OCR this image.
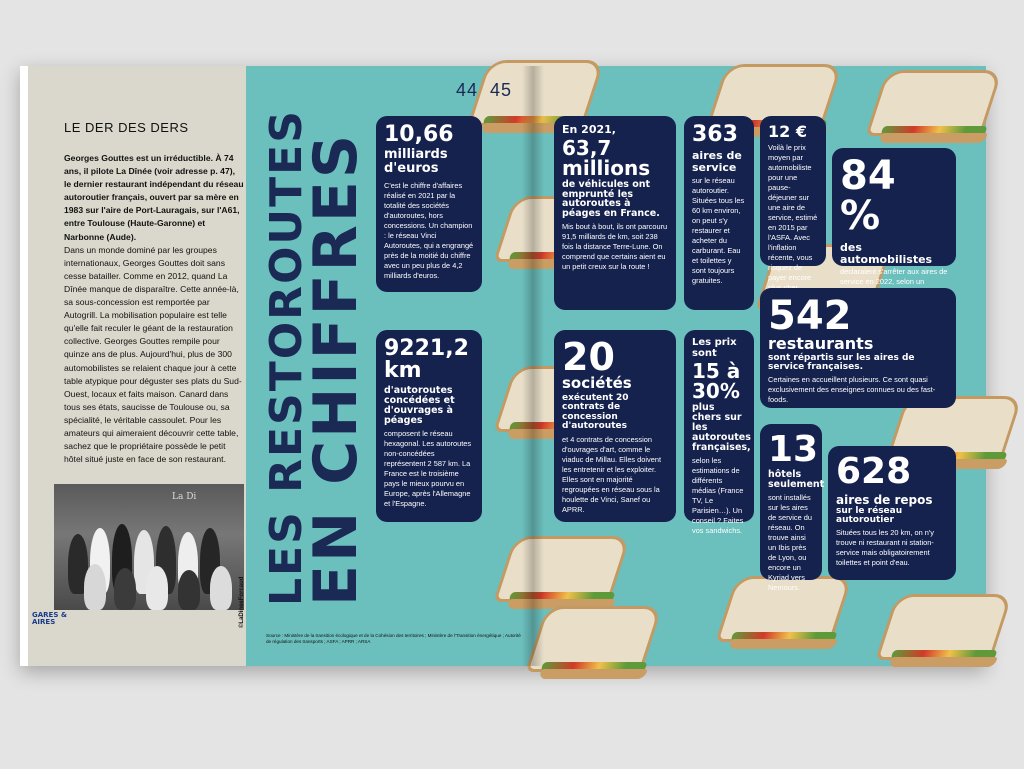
LE DER DES DERS

Georges Gouttes est un irréductible. À 74 ans, il pilote La Dînée (voir adresse p. 47), le dernier restaurant indépendant du réseau autoroutier français, ouvert par sa mère en 1983 sur l'aire de Port-Lauragais, sur l'A61, entre Toulouse (Haute-Garonne) et Narbonne (Aude).
Dans un monde dominé par les groupes internationaux, Georges Gouttes doit sans cesse batailler. Comme en 2012, quand La Dînée manque de disparaître. Cette année-là, sa sous-concession est remportée par Autogrill. La mobilisation populaire est telle qu'elle fait reculer le géant de la restauration collective. Georges Gouttes rempile pour quinze ans de plus. Aujourd'hui, plus de 300 automobilistes se relaient chaque jour à cette table atypique pour déguster ses plats du Sud-Ouest, locaux et faits maison. Canard dans tous ses états, saucisse de Toulouse ou, sa spécialité, le véritable cassoulet. Pour les amateurs qui aimeraient découvrir cette table, sachez que le propriétaire possède le petit hôtel situé juste en face de son restaurant.

La Di
©LaDineeForcaud
GARES & AIRES
44 45
LES RESTOROUTES
EN CHIFFRES 10,66
milliards d'euros
C'est le chiffre d'affaires réalisé en 2021 par la totalité des sociétés d'autoroutes, hors concessions. Un champion : le réseau Vinci Autoroutes, qui a engrangé près de la moitié du chiffre avec un peu plus de 4,2 milliards d'euros.
9221,2 km
d'autoroutes concédées et d'ouvrages à péages
composent le réseau hexagonal. Les autoroutes non-concédées représentent 2 587 km. La France est le troisième pays le mieux pourvu en Europe, après l'Allemagne et l'Espagne.
En 2021,
63,7 millions
de véhicules ont emprunté les autoroutes à péages en France.
Mis bout à bout, ils ont parcouru 91,5 milliards de km, soit 238 fois la distance Terre-Lune. On comprend que certains aient eu un petit creux sur la route !
20
sociétés
exécutent 20 contrats de concession d'autoroutes
et 4 contrats de concession d'ouvrages d'art, comme le viaduc de Millau. Elles doivent les entretenir et les exploiter. Elles sont en majorité regroupées en réseau sous la houlette de Vinci, Sanef ou APRR.
363
aires de service
sur le réseau autoroutier. Situées tous les 60 km environ, on peut s'y restaurer et acheter du carburant. Eau et toilettes y sont toujours gratuites.
Les prix sont
15 à 30%
plus chers sur les autoroutes françaises,
selon les estimations de différents médias (France TV, Le Parisien…). Un conseil ? Faites vos sandwichs.
12 €
Voilà le prix moyen par automobiliste pour une pause-déjeuner sur une aire de service, estimé en 2015 par l'ASFA. Avec l'inflation récente, vous risquez de payer encore
84 %
des automobilistes
déclaraient s'arrêter aux aires de service en 2022, selon un
542
restaurants
sont répartis sur les aires de service françaises.
Certaines en accueillent plusieurs. Ce sont quasi exclusivement des enseignes connues ou des fast-foods.
13
hôtels seulement
sont installés sur les aires de service du réseau. On trouve ainsi un Ibis près de Lyon, ou encore un Kyriad vers Nemours.
628
aires de repos
sur le réseau autoroutier
Situées tous les 20 km, on n'y trouve ni restaurant ni station-service mais obligatoirement toilettes et point d'eau.
Source : Ministère de la transition écologique et de la Cohésion des territoires ; Ministère de l'Transition énergétique ; Autorité de régulation des transports ; ASFA ; APRR ; ARSA
